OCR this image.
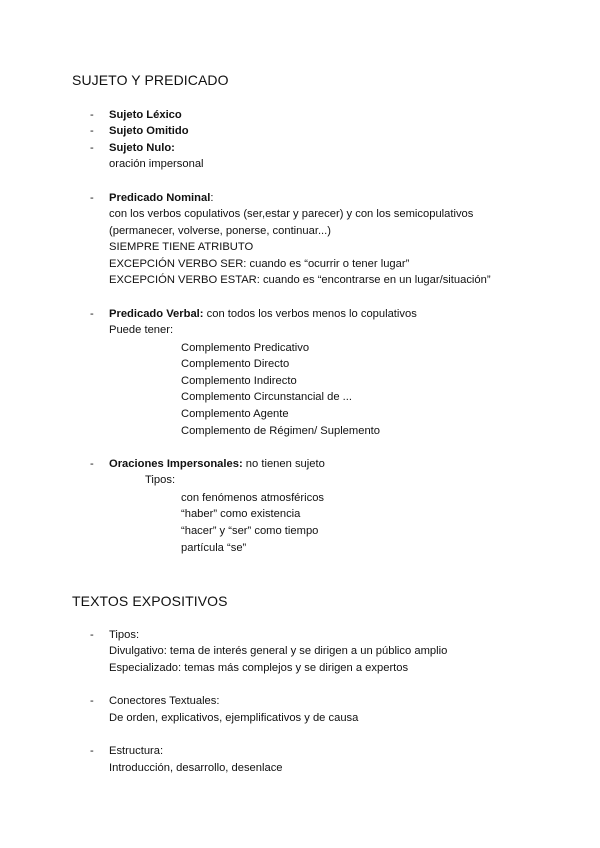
SUJETO Y PREDICADO
- Sujeto Léxico
- Sujeto Omitido
- Sujeto Nulo:
oración impersonal
- Predicado Nominal:
con los verbos copulativos (ser,estar y parecer) y con los semicopulativos
(permanecer, volverse, ponerse, continuar...)
SIEMPRE TIENE ATRIBUTO
EXCEPCIÓN VERBO SER: cuando es “ocurrir o tener lugar”
EXCEPCIÓN VERBO ESTAR: cuando es “encontrarse en un lugar/situación”
- Predicado Verbal: con todos los verbos menos lo copulativos
Puede tener:
Complemento Predicativo
Complemento Directo
Complemento Indirecto
Complemento Circunstancial de ...
Complemento Agente
Complemento de Régimen/ Suplemento
- Oraciones Impersonales: no tienen sujeto
Tipos:
con fenómenos atmosféricos
“haber” como existencia
“hacer” y “ser” como tiempo
partícula “se”
TEXTOS EXPOSITIVOS
- Tipos:
Divulgativo: tema de interés general y se dirigen a un público amplio
Especializado: temas más complejos y se dirigen a expertos
- Conectores Textuales:
De orden, explicativos, ejemplificativos y de causa
- Estructura:
Introducción, desarrollo, desenlace
